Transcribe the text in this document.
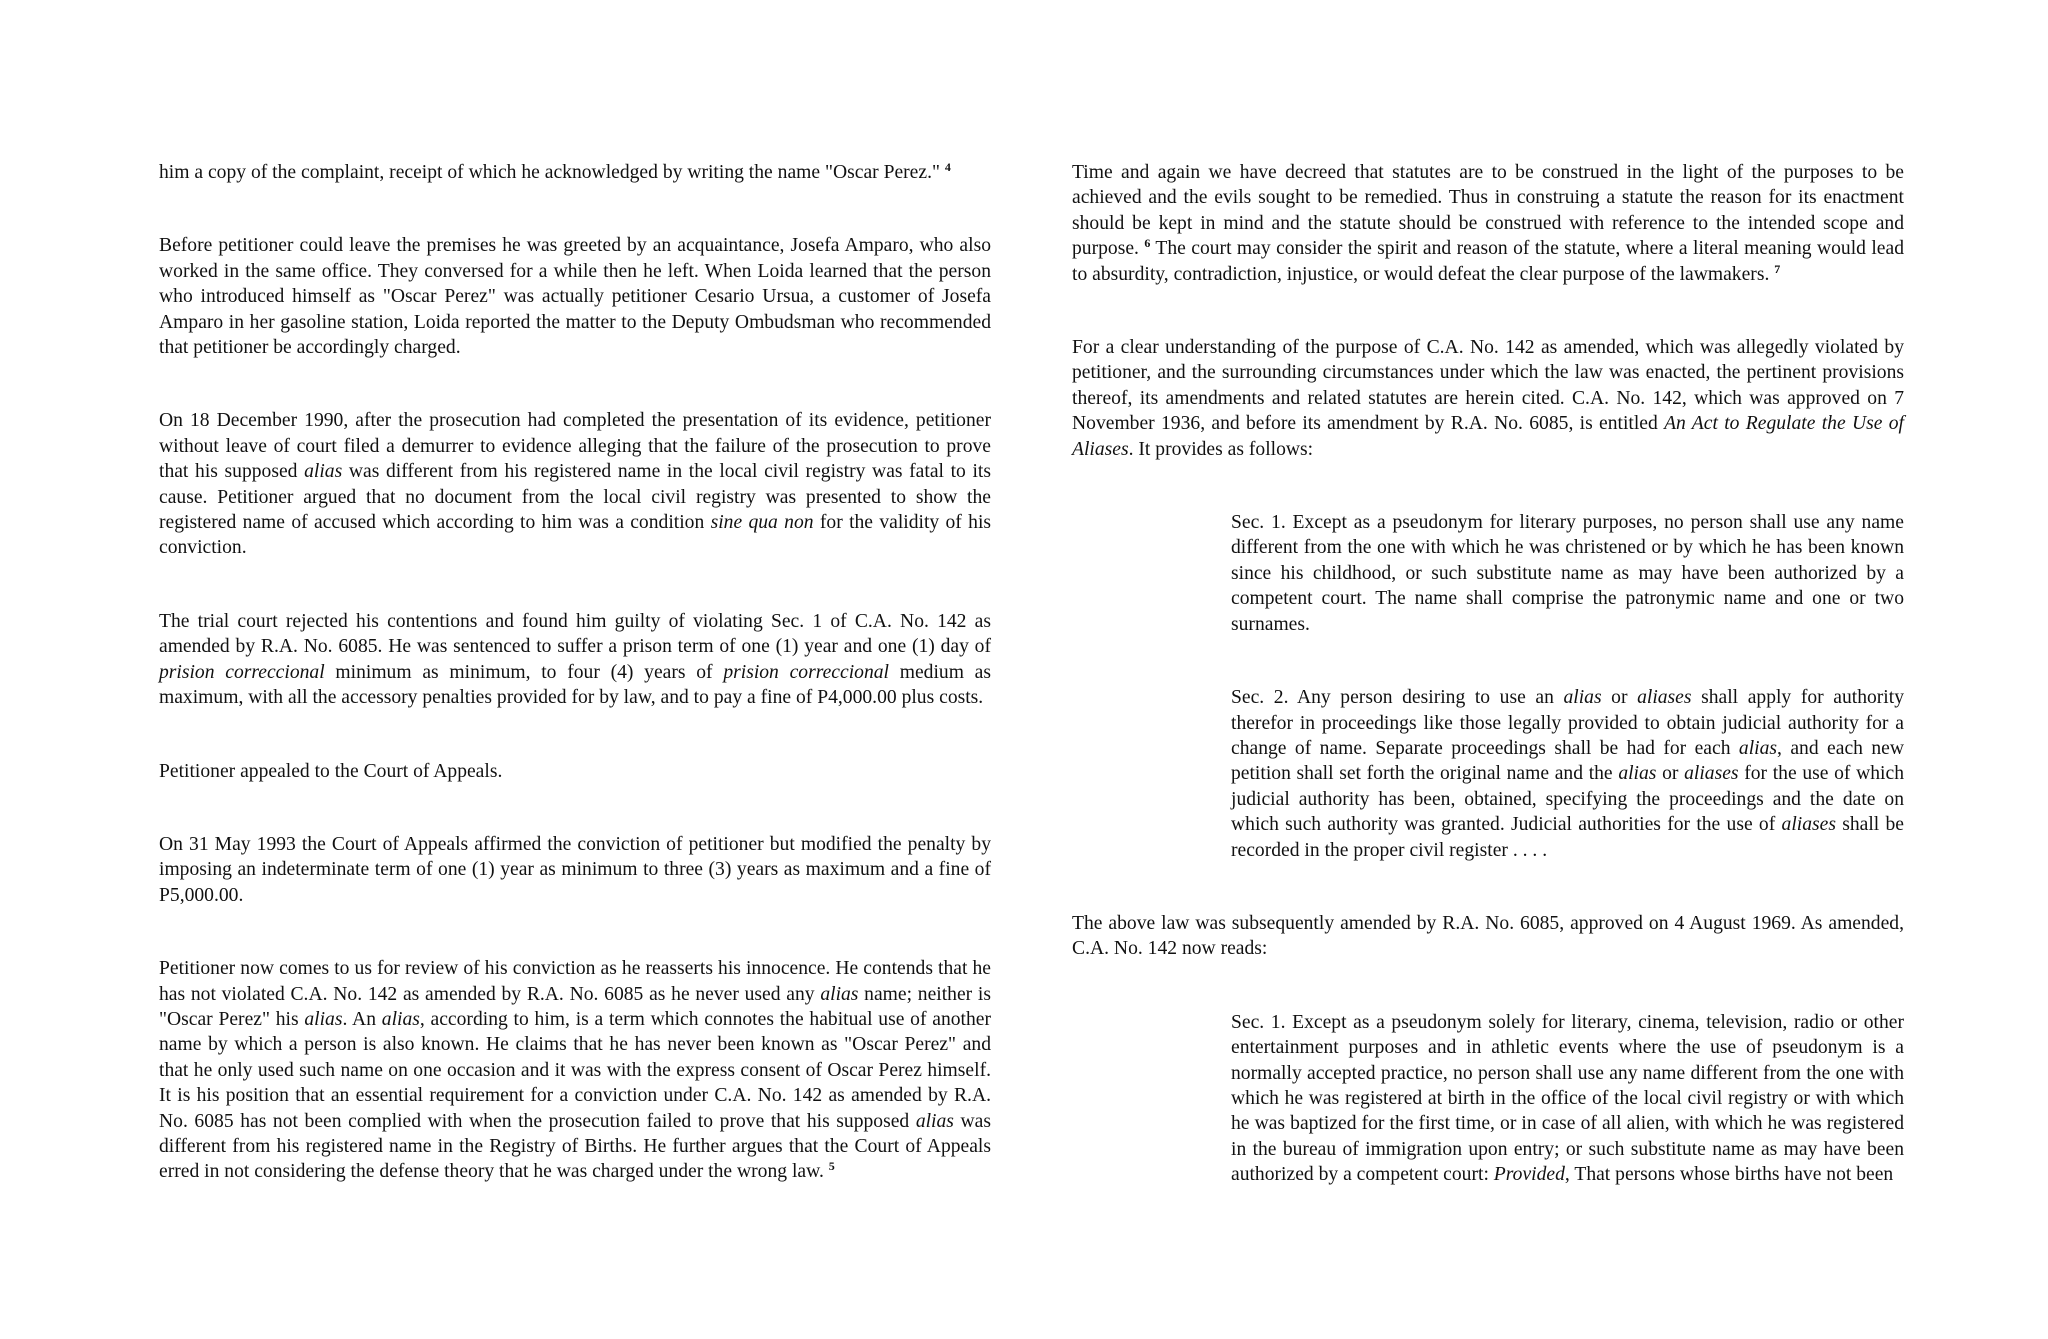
him a copy of the complaint, receipt of which he acknowledged by writing the name "Oscar Perez." $^4$

Before petitioner could leave the premises he was greeted by an acquaintance, Josefa Amparo, who also worked in the same office. They conversed for a while then he left. When Loida learned that the person who introduced himself as "Oscar Perez" was actually petitioner Cesario Ursua, a customer of Josefa Amparo in her gasoline station, Loida reported the matter to the Deputy Ombudsman who recommended that petitioner be accordingly charged.

On 18 December 1990, after the prosecution had completed the presentation of its evidence, petitioner without leave of court filed a demurrer to evidence alleging that the failure of the prosecution to prove that his supposed alias was different from his registered name in the local civil registry was fatal to its cause. Petitioner argued that no document from the local civil registry was presented to show the registered name of accused which according to him was a condition sine qua non for the validity of his conviction.

The trial court rejected his contentions and found him guilty of violating Sec. 1 of C.A. No. 142 as amended by R.A. No. 6085. He was sentenced to suffer a prison term of one (1) year and one (1) day of prision correccional minimum as minimum, to four (4) years of prision correccional medium as maximum, with all the accessory penalties provided for by law, and to pay a fine of P4,000.00 plus costs.

Petitioner appealed to the Court of Appeals.

On 31 May 1993 the Court of Appeals affirmed the conviction of petitioner but modified the penalty by imposing an indeterminate term of one (1) year as minimum to three (3) years as maximum and a fine of P5,000.00.

Petitioner now comes to us for review of his conviction as he reasserts his innocence. He contends that he has not violated C.A. No. 142 as amended by R.A. No. 6085 as he never used any alias name; neither is "Oscar Perez" his alias. An alias, according to him, is a term which connotes the habitual use of another name by which a person is also known. He claims that he has never been known as "Oscar Perez" and that he only used such name on one occasion and it was with the express consent of Oscar Perez himself. It is his position that an essential requirement for a conviction under C.A. No. 142 as amended by R.A. No. 6085 has not been complied with when the prosecution failed to prove that his supposed alias was different from his registered name in the Registry of Births. He further argues that the Court of Appeals erred in not considering the defense theory that he was charged under the wrong law. $^5$

Time and again we have decreed that statutes are to be construed in the light of the purposes to be achieved and the evils sought to be remedied. Thus in construing a statute the reason for its enactment should be kept in mind and the statute should be construed with reference to the intended scope and purpose. $^6$ The court may consider the spirit and reason of the statute, where a literal meaning would lead to absurdity, contradiction, injustice, or would defeat the clear purpose of the lawmakers. $^7$

For a clear understanding of the purpose of C.A. No. 142 as amended, which was allegedly violated by petitioner, and the surrounding circumstances under which the law was enacted, the pertinent provisions thereof, its amendments and related statutes are herein cited. C.A. No. 142, which was approved on 7 November 1936, and before its amendment by R.A. No. 6085, is entitled An Act to Regulate the Use of Aliases. It provides as follows:

Sec. 1. Except as a pseudonym for literary purposes, no person shall use any name different from the one with which he was christened or by which he has been known since his childhood, or such substitute name as may have been authorized by a competent court. The name shall comprise the patronymic name and one or two surnames.

Sec. 2. Any person desiring to use an alias or aliases shall apply for authority therefor in proceedings like those legally provided to obtain judicial authority for a change of name. Separate proceedings shall be had for each alias, and each new petition shall set forth the original name and the alias or aliases for the use of which judicial authority has been, obtained, specifying the proceedings and the date on which such authority was granted. Judicial authorities for the use of aliases shall be recorded in the proper civil register . . . .

The above law was subsequently amended by R.A. No. 6085, approved on 4 August 1969. As amended, C.A. No. 142 now reads:

Sec. 1. Except as a pseudonym solely for literary, cinema, television, radio or other entertainment purposes and in athletic events where the use of pseudonym is a normally accepted practice, no person shall use any name different from the one with which he was registered at birth in the office of the local civil registry or with which he was baptized for the first time, or in case of all alien, with which he was registered in the bureau of immigration upon entry; or such substitute name as may have been authorized by a competent court: Provided, That persons whose births have not been
